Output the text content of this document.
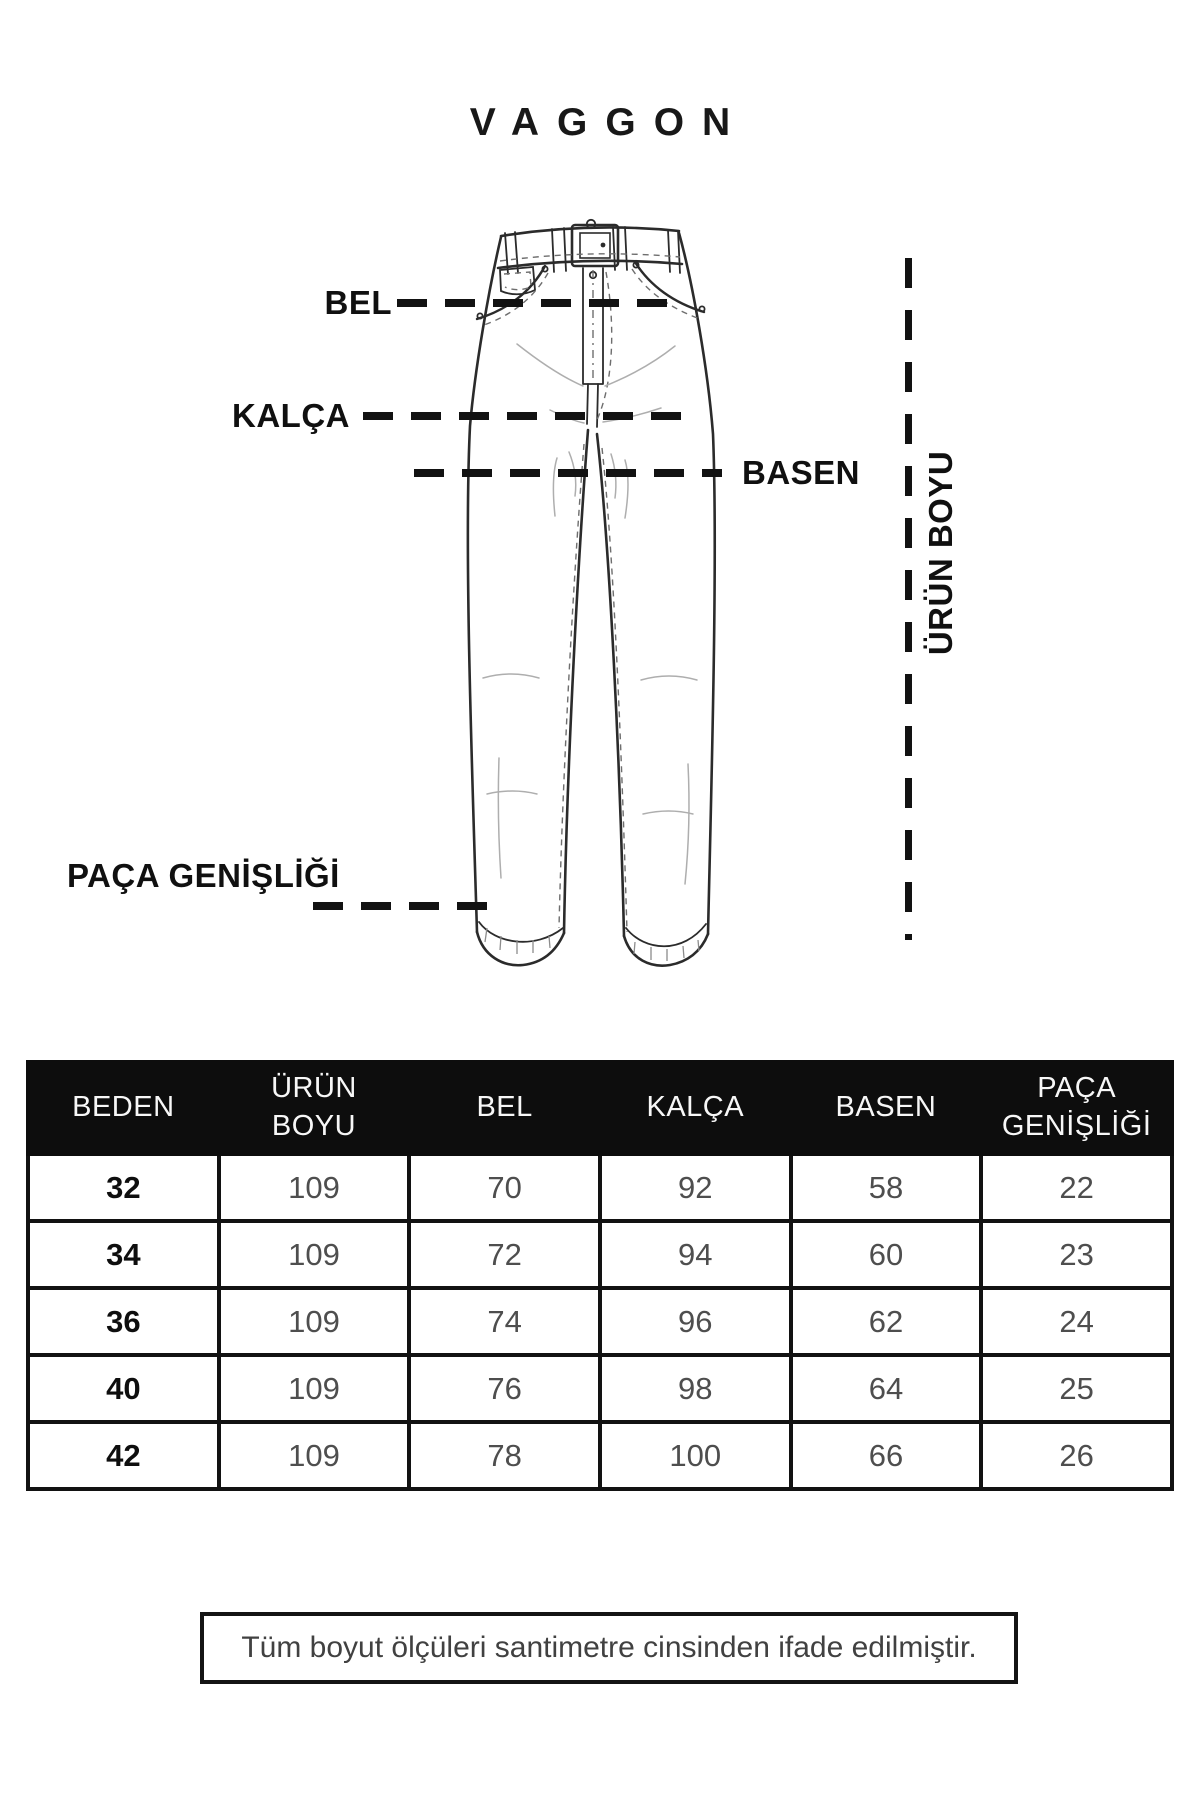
VAGGON
BEL
KALÇA
BASEN
PAÇA GENİŞLİĞİ
ÜRÜN BOYU
BEDEN	ÜRÜN BOYU	BEL	KALÇA	BASEN	PAÇA GENİŞLİĞİ
32	109	70	92	58	22
34	109	72	94	60	23
36	109	74	96	62	24
40	109	76	98	64	25
42	109	78	100	66	26
Tüm boyut ölçüleri santimetre cinsinden ifade edilmiştir.
